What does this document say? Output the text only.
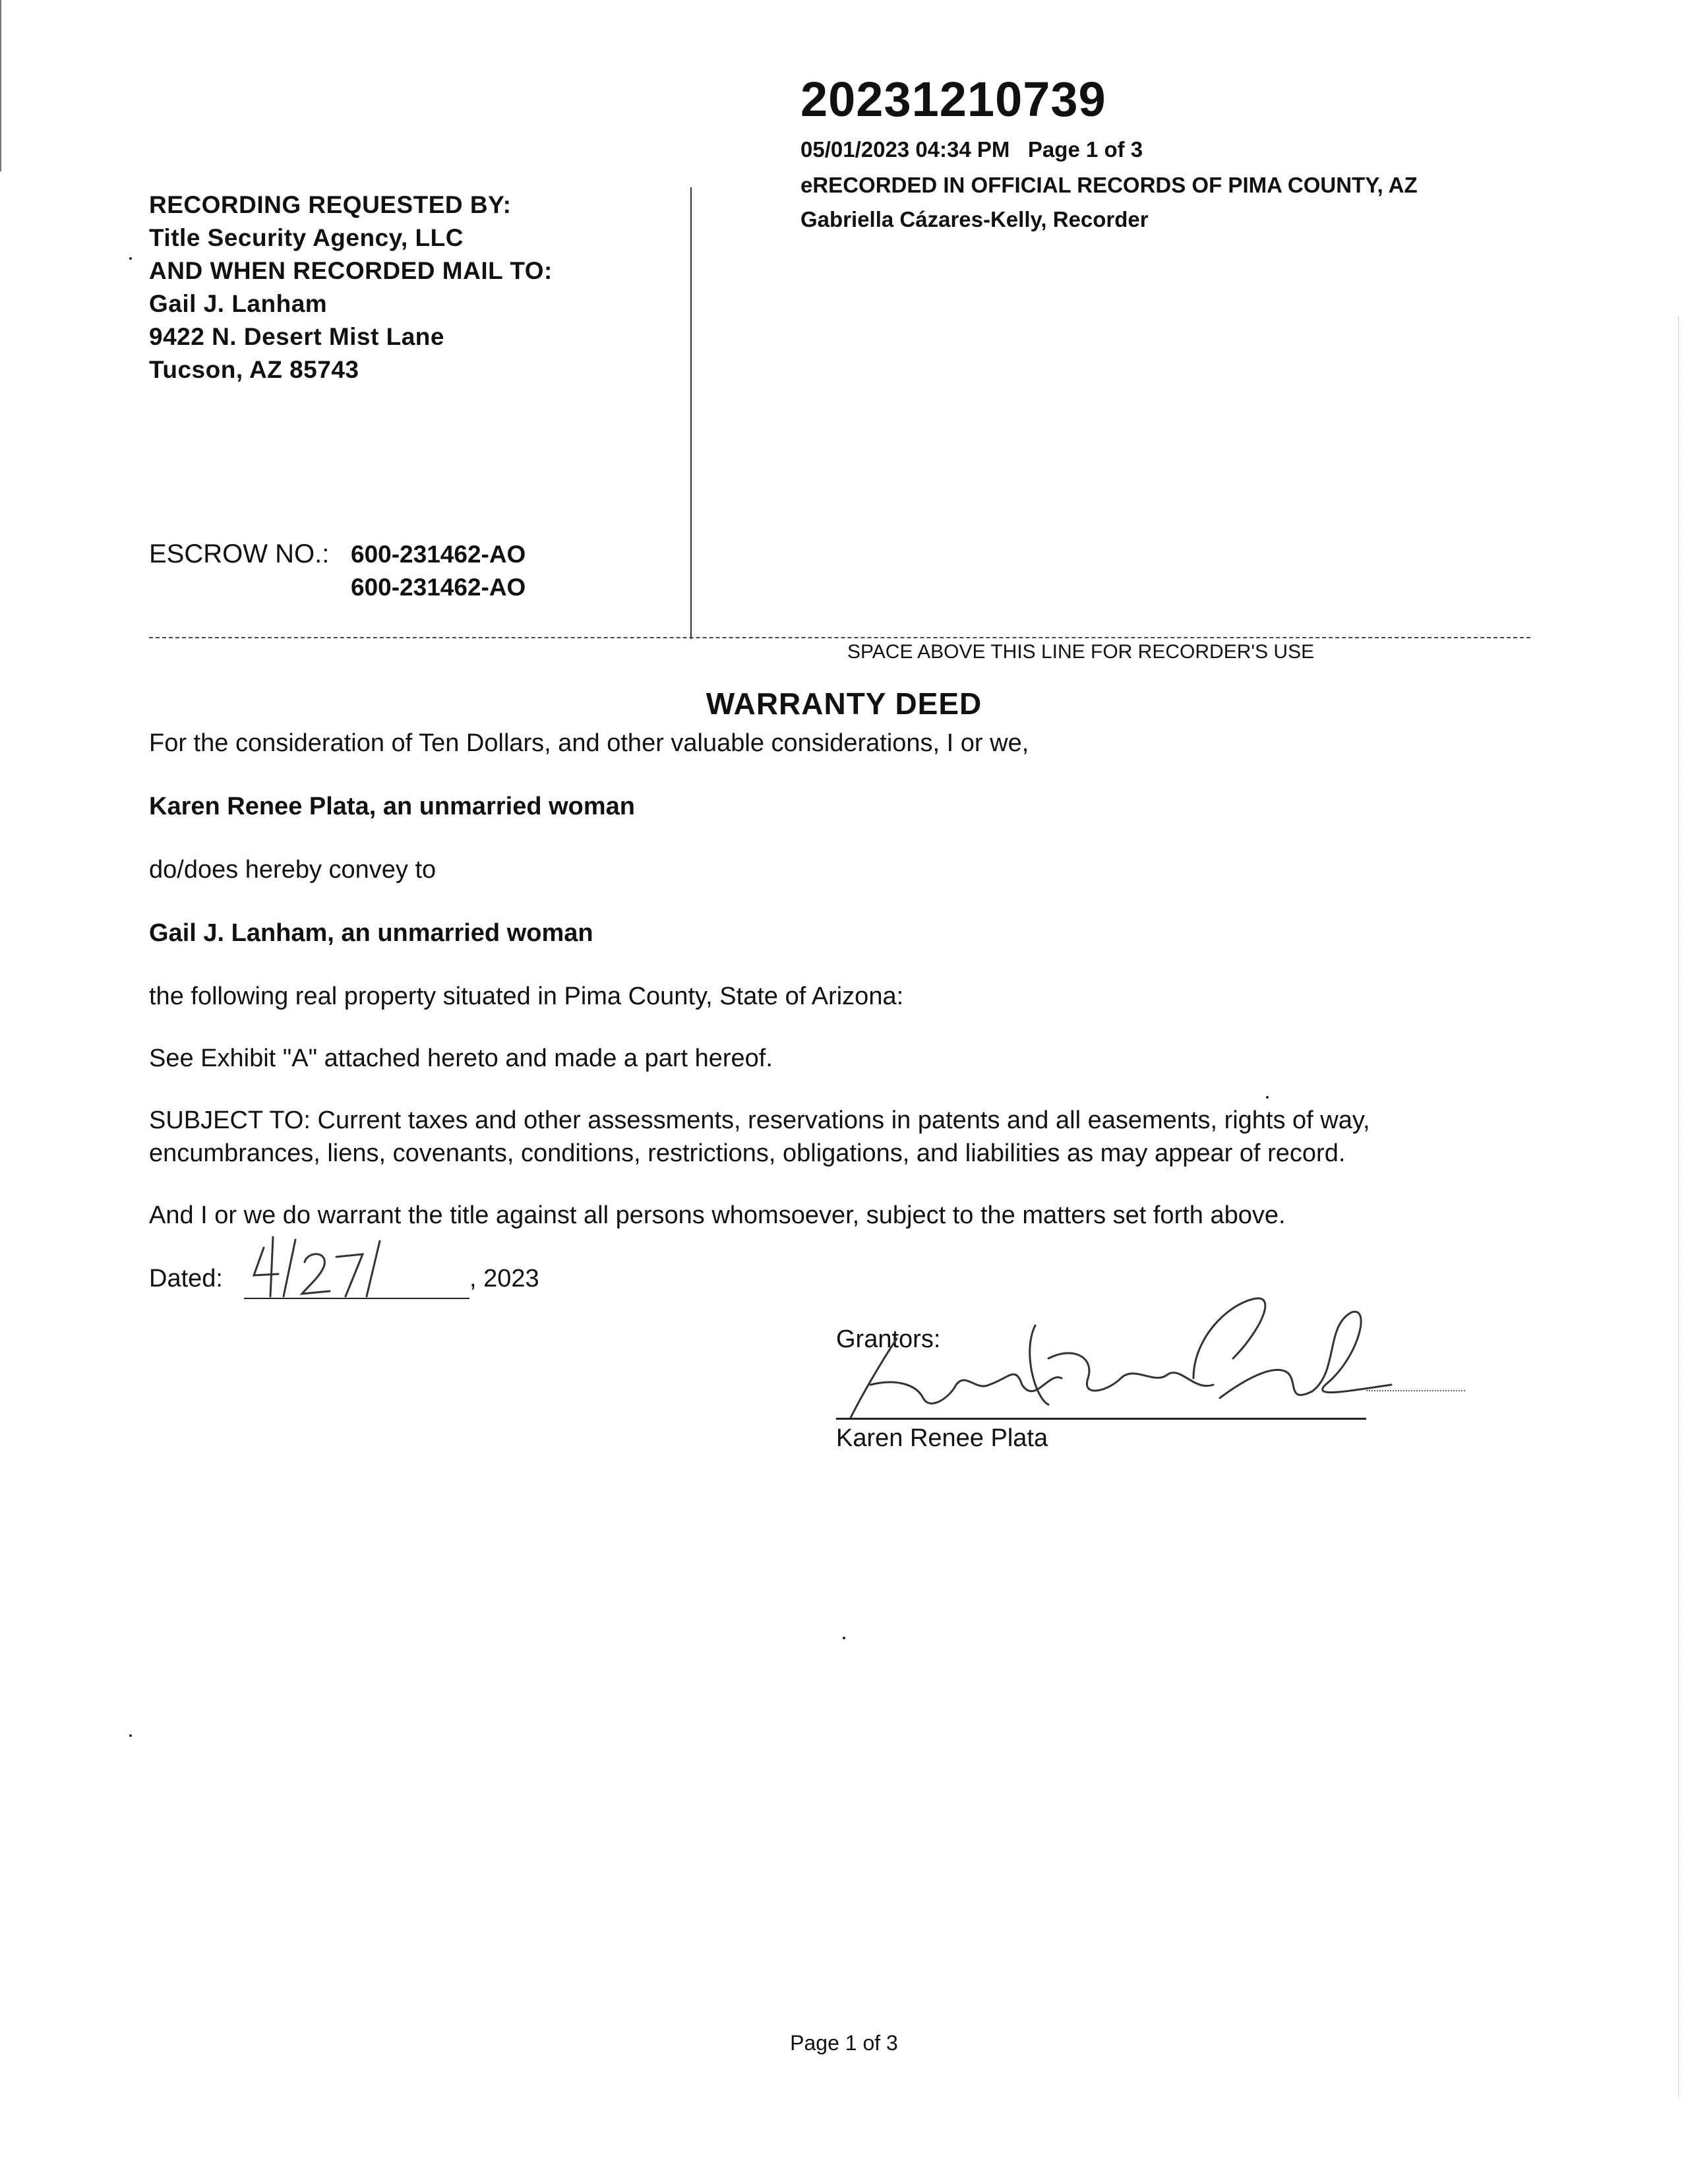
20231210739
05/01/2023 04:34 PM Page 1 of 3
eRECORDED IN OFFICIAL RECORDS OF PIMA COUNTY, AZ
Gabriella Cázares-Kelly, Recorder
RECORDING REQUESTED BY:
Title Security Agency, LLC
AND WHEN RECORDED MAIL TO:
Gail J. Lanham
9422 N. Desert Mist Lane
Tucson, AZ 85743
ESCROW NO.: 600-231462-AO
600-231462-AO
SPACE ABOVE THIS LINE FOR RECORDER'S USE
WARRANTY DEED
For the consideration of Ten Dollars, and other valuable considerations, I or we,
Karen Renee Plata, an unmarried woman
do/does hereby convey to
Gail J. Lanham, an unmarried woman
the following real property situated in Pima County, State of Arizona:
See Exhibit "A" attached hereto and made a part hereof.
SUBJECT TO: Current taxes and other assessments, reservations in patents and all easements, rights of way,
encumbrances, liens, covenants, conditions, restrictions, obligations, and liabilities as may appear of record.
And I or we do warrant the title against all persons whomsoever, subject to the matters set forth above.
Dated:	, 2023
Grantors:
Karen Renee Plata
Page 1 of 3
